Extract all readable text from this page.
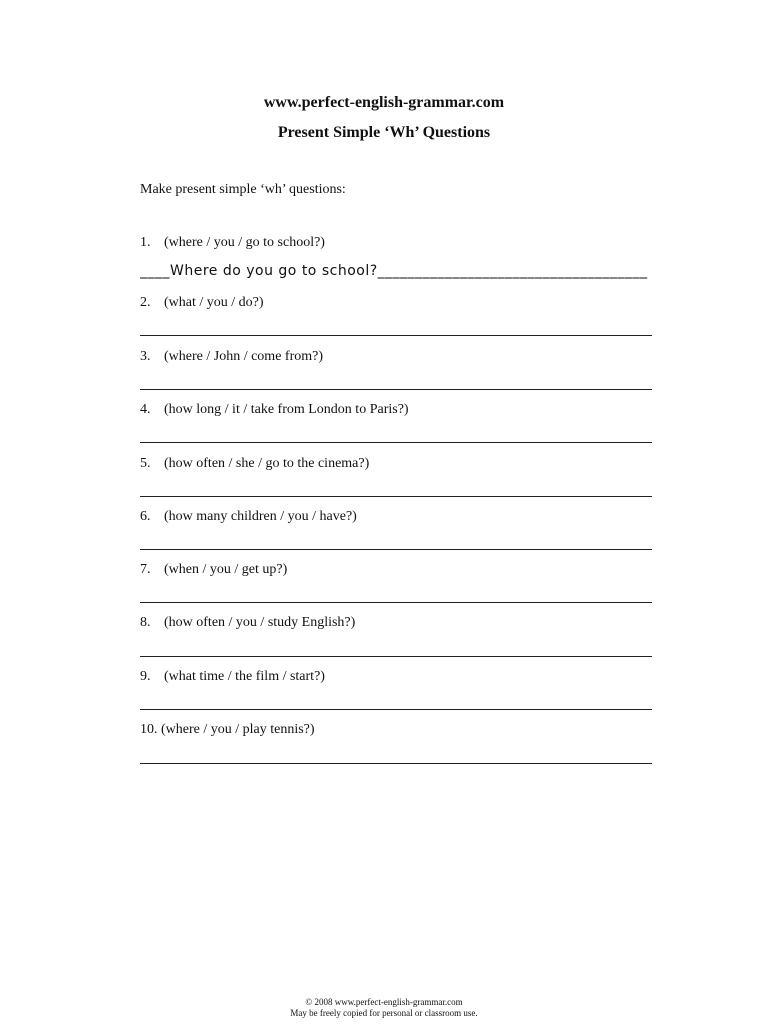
www.perfect-english-grammar.com
Present Simple ‘Wh’ Questions
Make present simple ‘wh’ questions:
1. (where / you / go to school?)
____Where do you go to school?____________________________________
2. (what / you / do?)
3. (where / John / come from?)
4. (how long / it / take from London to Paris?)
5. (how often / she / go to the cinema?)
6. (how many children / you / have?)
7. (when / you / get up?)
8. (how often / you / study English?)
9. (what time / the film / start?)
10. (where / you / play tennis?)
© 2008 www.perfect-english-grammar.com
May be freely copied for personal or classroom use.
